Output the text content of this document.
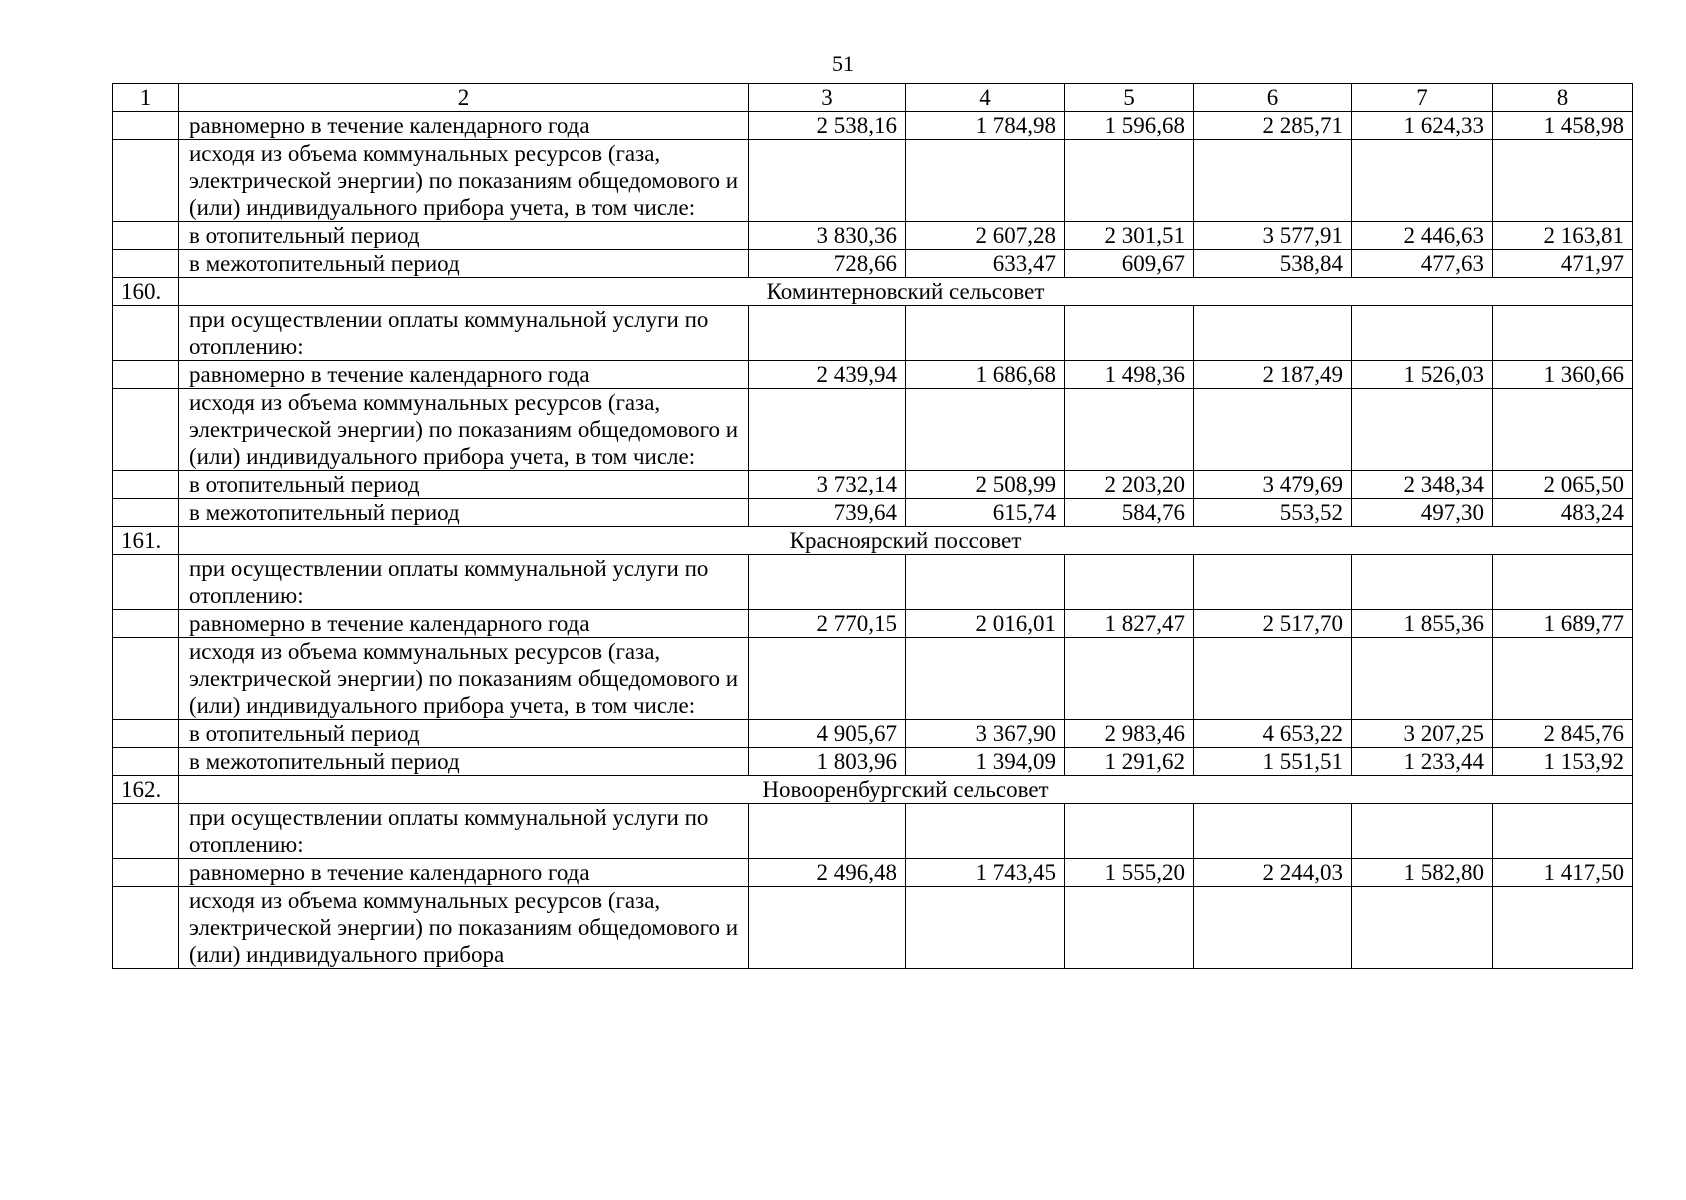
51
1	2	3	4	5	6	7	8
	равномерно в течение календарного года	2 538,16	1 784,98	1 596,68	2 285,71	1 624,33	1 458,98
	исходя из объема коммунальных ресурсов (газа, электрической энергии) по показаниям общедомового и (или) индивидуального прибора учета, в том числе:						
	в отопительный период	3 830,36	2 607,28	2 301,51	3 577,91	2 446,63	2 163,81
	в межотопительный период	728,66	633,47	609,67	538,84	477,63	471,97
160.	Коминтерновский сельсовет						
	при осуществлении оплаты коммунальной услуги по отоплению:						
	равномерно в течение календарного года	2 439,94	1 686,68	1 498,36	2 187,49	1 526,03	1 360,66
	исходя из объема коммунальных ресурсов (газа, электрической энергии) по показаниям общедомового и (или) индивидуального прибора учета, в том числе:						
	в отопительный период	3 732,14	2 508,99	2 203,20	3 479,69	2 348,34	2 065,50
	в межотопительный период	739,64	615,74	584,76	553,52	497,30	483,24
161.	Красноярский поссовет						
	при осуществлении оплаты коммунальной услуги по отоплению:						
	равномерно в течение календарного года	2 770,15	2 016,01	1 827,47	2 517,70	1 855,36	1 689,77
	исходя из объема коммунальных ресурсов (газа, электрической энергии) по показаниям общедомового и (или) индивидуального прибора учета, в том числе:						
	в отопительный период	4 905,67	3 367,90	2 983,46	4 653,22	3 207,25	2 845,76
	в межотопительный период	1 803,96	1 394,09	1 291,62	1 551,51	1 233,44	1 153,92
162.	Новооренбургский сельсовет						
	при осуществлении оплаты коммунальной услуги по отоплению:						
	равномерно в течение календарного года	2 496,48	1 743,45	1 555,20	2 244,03	1 582,80	1 417,50
	исходя из объема коммунальных ресурсов (газа, электрической энергии) по показаниям общедомового и (или) индивидуального прибора						
